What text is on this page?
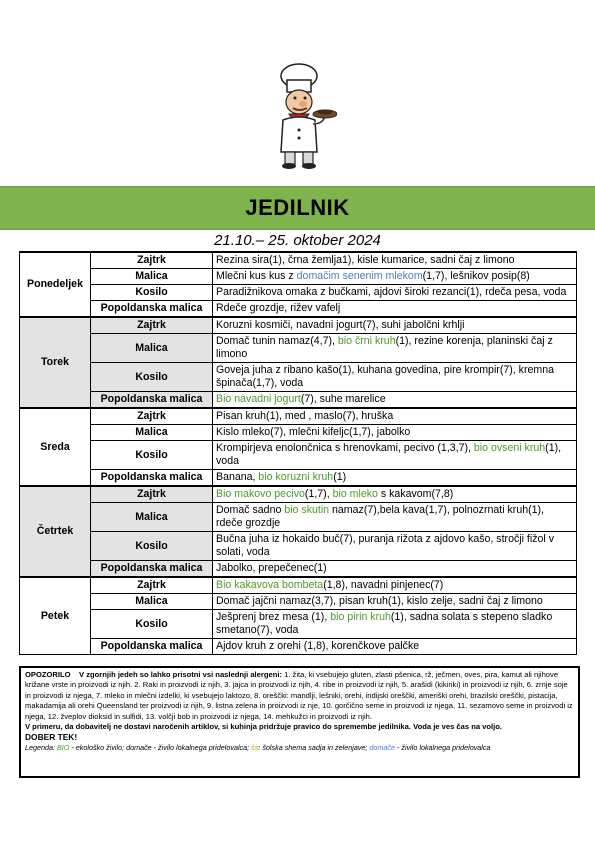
JEDILNIK
21.10.– 25. oktober 2024
Ponedeljek	Zajtrk	Rezina sira(1), črna žemlja1), kisle kumarice, sadni čaj z limono
	Malica	Mlečni kus kus z domačim senenim mlekom(1,7), lešnikov posip(8)
	Kosilo	Paradižnikova omaka z bučkami, ajdovi široki rezanci(1), rdeča pesa, voda
	Popoldanska malica	Rdeče grozdje, rižev vafelj
Torek	Zajtrk	Koruzni kosmiči, navadni jogurt(7), suhi jabolčni krhlji
	Malica	Domač tunin namaz(4,7), bio črni kruh(1), rezine korenja, planinski čaj z limono
	Kosilo	Goveja juha z ribano kašo(1), kuhana govedina, pire krompir(7), kremna špinača(1,7), voda
	Popoldanska malica	Bio navadni jogurt(7), suhe marelice
Sreda	Zajtrk	Pisan kruh(1), med , maslo(7), hruška
	Malica	Kislo mleko(7), mlečni kifeljc(1,7), jabolko
	Kosilo	Krompirjeva enolončnica s hrenovkami, pecivo (1,3,7), bio ovseni kruh(1), voda
	Popoldanska malica	Banana, bio koruzni kruh(1)
Četrtek	Zajtrk	Bio makovo pecivo(1,7), bio mleko s kakavom(7,8)
	Malica	Domač sadno bio skutin namaz(7),bela kava(1,7), polnozrnati kruh(1), rdeče grozdje
	Kosilo	Bučna juha iz hokaido buč(7), puranja rižota z ajdovo kašo, stročji fižol v solati, voda
	Popoldanska malica	Jabolko, prepečenec(1)
Petek	Zajtrk	Bio kakavova bombeta(1,8), navadni pinjenec(7)
	Malica	Domač jajčni namaz(3,7), pisan kruh(1), kislo zelje, sadni čaj z limono
	Kosilo	Ješprenj brez mesa (1), bio pirin kruh(1), sadna solata s stepeno sladko smetano(7), voda
	Popoldanska malica	Ajdov kruh z orehi (1,8), korenčkove palčke
OPOZORILO V zgornjih jedeh so lahko prisotni vsi naslednji alergeni: 1. žita, ki vsebujejo gluten, zlasti pšenica, rž, ječmen, oves, pira, kamut ali njihove križane vrste in proizvodi iz njih. 2. Raki in proizvodi iz njih, 3. jajca in proizvodi iz njih, 4. ribe in proizvodi iz njih, 5. arašidi (kikiriki) in proizvodi iz njih, 6. zrnje soje in proizvodi iz njega, 7. mleko in mlečni izdelki, ki vsebujejo laktozo, 8. oreščki: mandlji, lešniki, orehi, indijski oreščki, ameriški orehi, brazilski oreščki, pistacija, makadamija ali orehi Queensland ter proizvodi iz njih, 9. listna zelena in proizvodi iz nje, 10. gorčično seme in proizvodi iz njega, 11. sezamovo seme in proizvodi iz njega, 12. žveplov dioksid in sulfidi, 13. volčji bob in proizvodi iz njega, 14. mehkužci in proizvodi iz njih.
V primeru, da dobavitelj ne dostavi naročenih artiklov, si kuhinja pridržuje pravico do spremembe jedilnika. Voda je ves čas na voljo.
DOBER TEK!
Legenda: BIO - ekološko živilo; domače - živilo lokalnega pridelovalca; šs: šolska shema sadja in zelenjave; domače - živilo lokalnega pridelovalca
